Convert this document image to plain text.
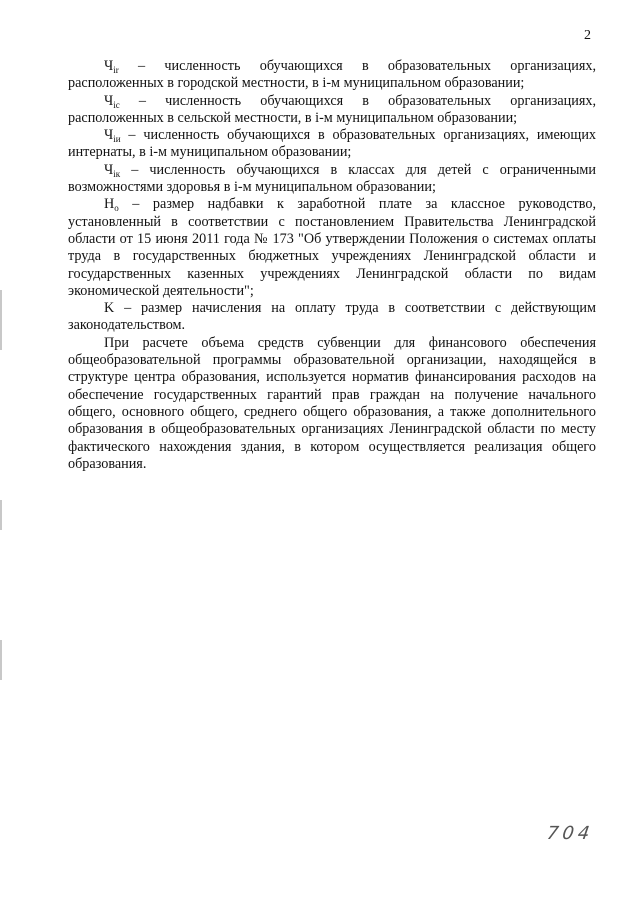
2

$Ч_{ir}$ – численность обучающихся в образовательных организациях, расположенных в городской местности, в i-м муниципальном образовании;

$Ч_{ic}$ – численность обучающихся в образовательных организациях, расположенных в сельской местности, в i-м муниципальном образовании;

$Ч_{iи}$ – численность обучающихся в образовательных организациях, имеющих интернаты, в i-м муниципальном образовании;

$Ч_{iк}$ – численность обучающихся в классах для детей с ограниченными возможностями здоровья в i-м муниципальном образовании;

$Н_о$ – размер надбавки к заработной плате за классное руководство, установленный в соответствии с постановлением Правительства Ленинградской области от 15 июня 2011 года № 173 "Об утверждении Положения о системах оплаты труда в государственных бюджетных учреждениях Ленинградской области и государственных казенных учреждениях Ленинградской области по видам экономической деятельности";

K – размер начисления на оплату труда в соответствии с действующим законодательством.

При расчете объема средств субвенции для финансового обеспечения общеобразовательной программы образовательной организации, находящейся в структуре центра образования, используется норматив финансирования расходов на обеспечение государственных гарантий прав граждан на получение начального общего, основного общего, среднего общего образования, а также дополнительного образования в общеобразовательных организациях Ленинградской области по месту фактического нахождения здания, в котором осуществляется реализация общего образования.

704
